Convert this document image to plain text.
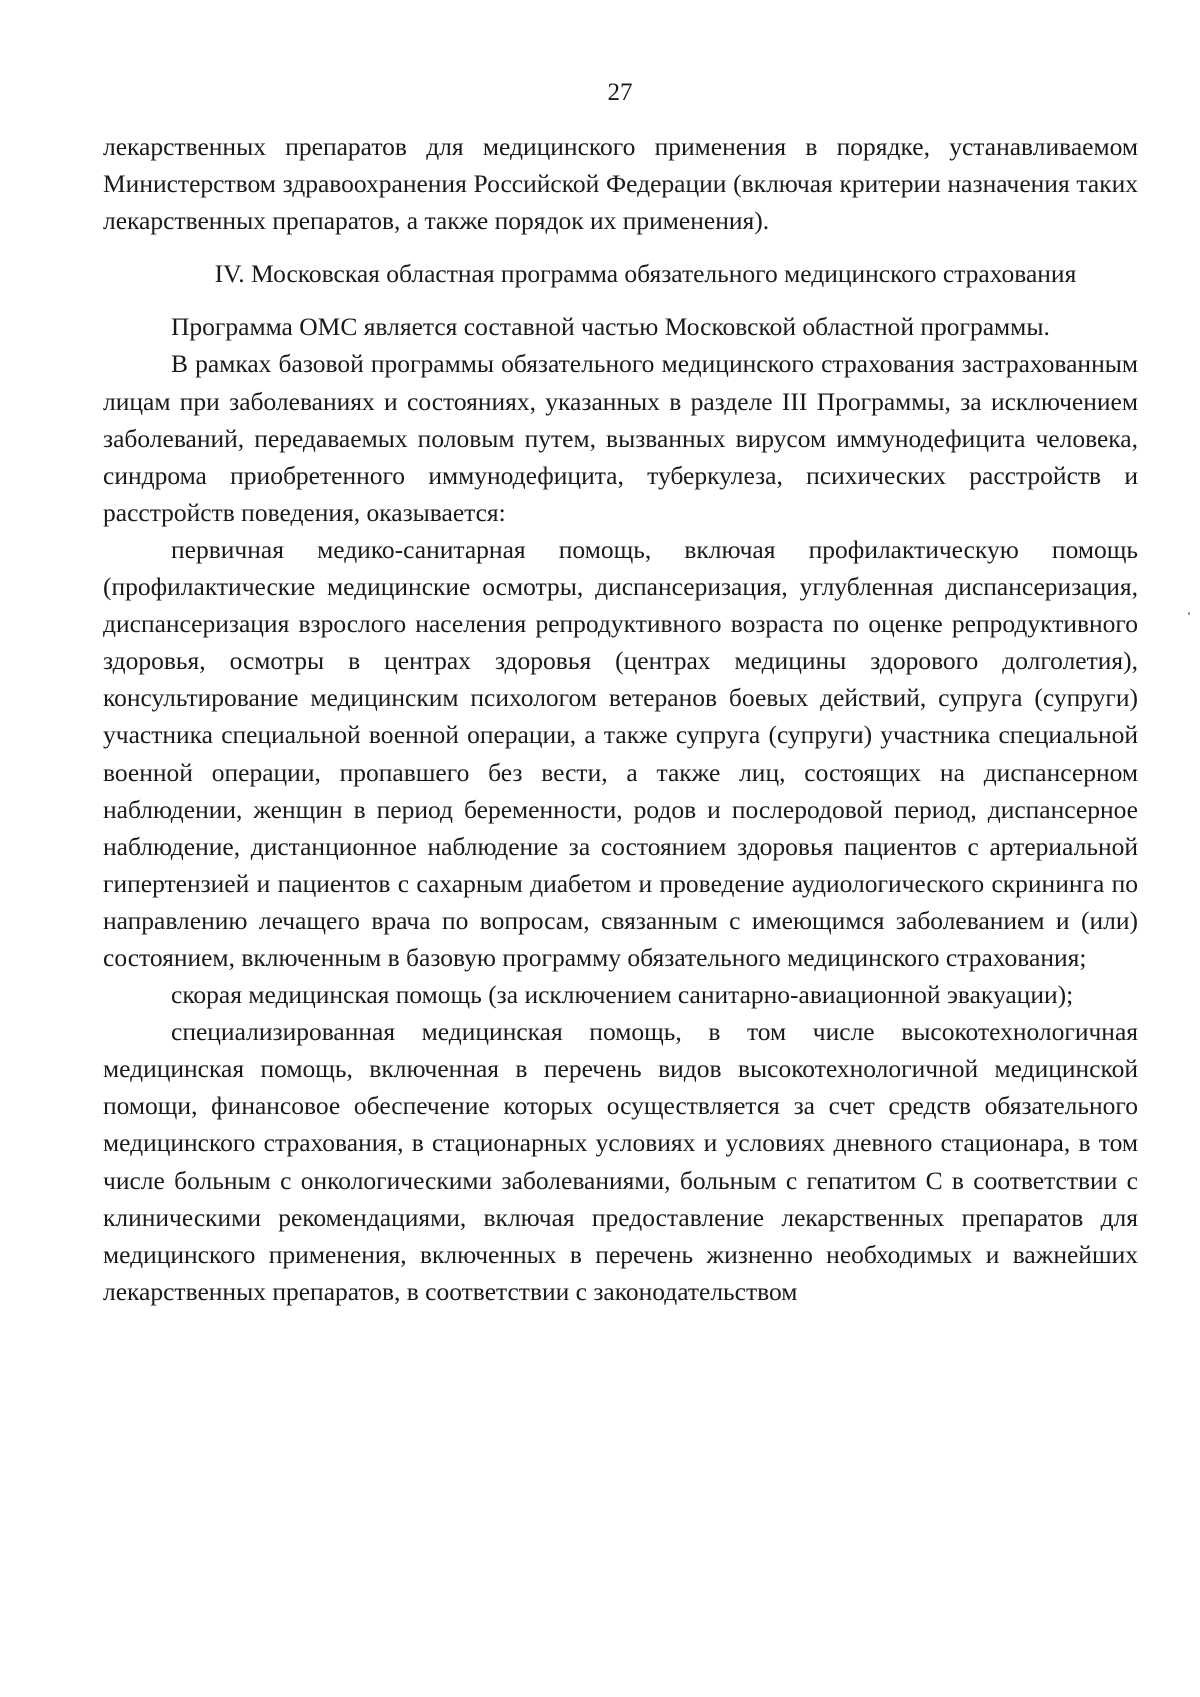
27

лекарственных препаратов для медицинского применения в порядке, устанавливаемом Министерством здравоохранения Российской Федерации (включая критерии назначения таких лекарственных препаратов, а также порядок их применения).

IV. Московская областная программа обязательного медицинского страхования

Программа ОМС является составной частью Московской областной программы.

В рамках базовой программы обязательного медицинского страхования застрахованным лицам при заболеваниях и состояниях, указанных в разделе III Программы, за исключением заболеваний, передаваемых половым путем, вызванных вирусом иммунодефицита человека, синдрома приобретенного иммунодефицита, туберкулеза, психических расстройств и расстройств поведения, оказывается:

первичная медико-санитарная помощь, включая профилактическую помощь (профилактические медицинские осмотры, диспансеризация, углубленная диспансеризация, диспансеризация взрослого населения репродуктивного возраста по оценке репродуктивного здоровья, осмотры в центрах здоровья (центрах медицины здорового долголетия), консультирование медицинским психологом ветеранов боевых действий, супруга (супруги) участника специальной военной операции, а также супруга (супруги) участника специальной военной операции, пропавшего без вести, а также лиц, состоящих на диспансерном наблюдении, женщин в период беременности, родов и послеродовой период, диспансерное наблюдение, дистанционное наблюдение за состоянием здоровья пациентов с артериальной гипертензией и пациентов с сахарным диабетом и проведение аудиологического скрининга по направлению лечащего врача по вопросам, связанным с имеющимся заболеванием и (или) состоянием, включенным в базовую программу обязательного медицинского страхования;

скорая медицинская помощь (за исключением санитарно-авиационной эвакуации);

специализированная медицинская помощь, в том числе высокотехнологичная медицинская помощь, включенная в перечень видов высокотехнологичной медицинской помощи, финансовое обеспечение которых осуществляется за счет средств обязательного медицинского страхования, в стационарных условиях и условиях дневного стационара, в том числе больным с онкологическими заболеваниями, больным с гепатитом С в соответствии с клиническими рекомендациями, включая предоставление лекарственных препаратов для медицинского применения, включенных в перечень жизненно необходимых и важнейших лекарственных препаратов, в соответствии с законодательством
